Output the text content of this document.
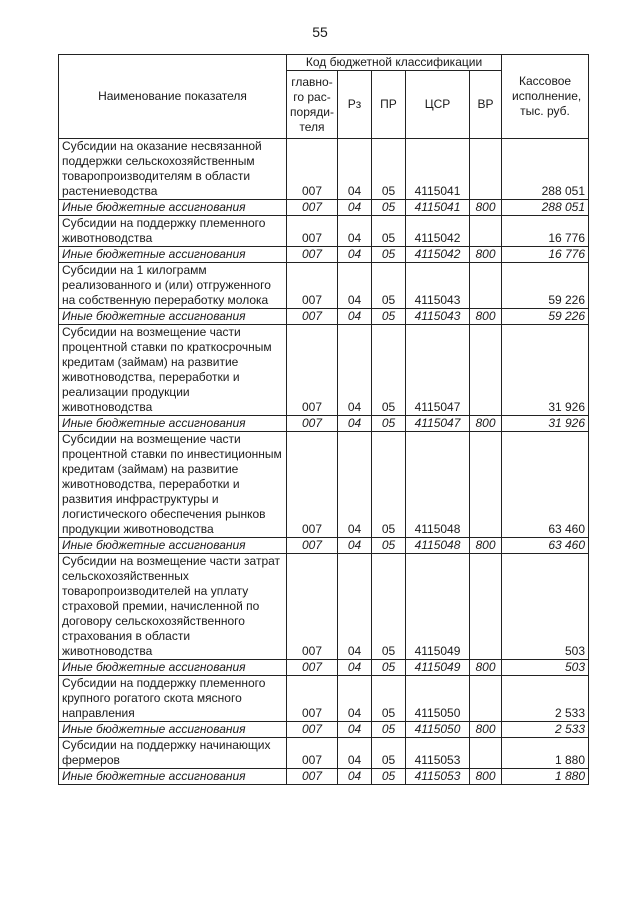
55
Наименование показателя	Код бюджетной классификации					Кассовое исполнение, тыс. руб.
	главно-го рас-поряди-теля	Рз	ПР	ЦСР	ВР	
Субсидии на оказание несвязанной поддержки сельскохозяйственным товаропроизводителям в области растениеводства	007	04	05	4115041		288 051
Иные бюджетные ассигнования	007	04	05	4115041	800	288 051
Субсидии на поддержку племенного животноводства	007	04	05	4115042		16 776
Иные бюджетные ассигнования	007	04	05	4115042	800	16 776
Субсидии на 1 килограмм реализованного и (или) отгруженного на собственную переработку молока	007	04	05	4115043		59 226
Иные бюджетные ассигнования	007	04	05	4115043	800	59 226
Субсидии на возмещение части процентной ставки по краткосрочным кредитам (займам) на развитие животноводства, переработки и реализации продукции животноводства	007	04	05	4115047		31 926
Иные бюджетные ассигнования	007	04	05	4115047	800	31 926
Субсидии на возмещение части процентной ставки по инвестиционным кредитам (займам) на развитие животноводства, переработки и развития инфраструктуры и логистического обеспечения рынков продукции животноводства	007	04	05	4115048		63 460
Иные бюджетные ассигнования	007	04	05	4115048	800	63 460
Субсидии на возмещение части затрат сельскохозяйственных товаропроизводителей на уплату страховой премии, начисленной по договору сельскохозяйственного страхования в области животноводства	007	04	05	4115049		503
Иные бюджетные ассигнования	007	04	05	4115049	800	503
Субсидии на поддержку племенного крупного рогатого скота мясного направления	007	04	05	4115050		2 533
Иные бюджетные ассигнования	007	04	05	4115050	800	2 533
Субсидии на поддержку начинающих фермеров	007	04	05	4115053		1 880
Иные бюджетные ассигнования	007	04	05	4115053	800	1 880
